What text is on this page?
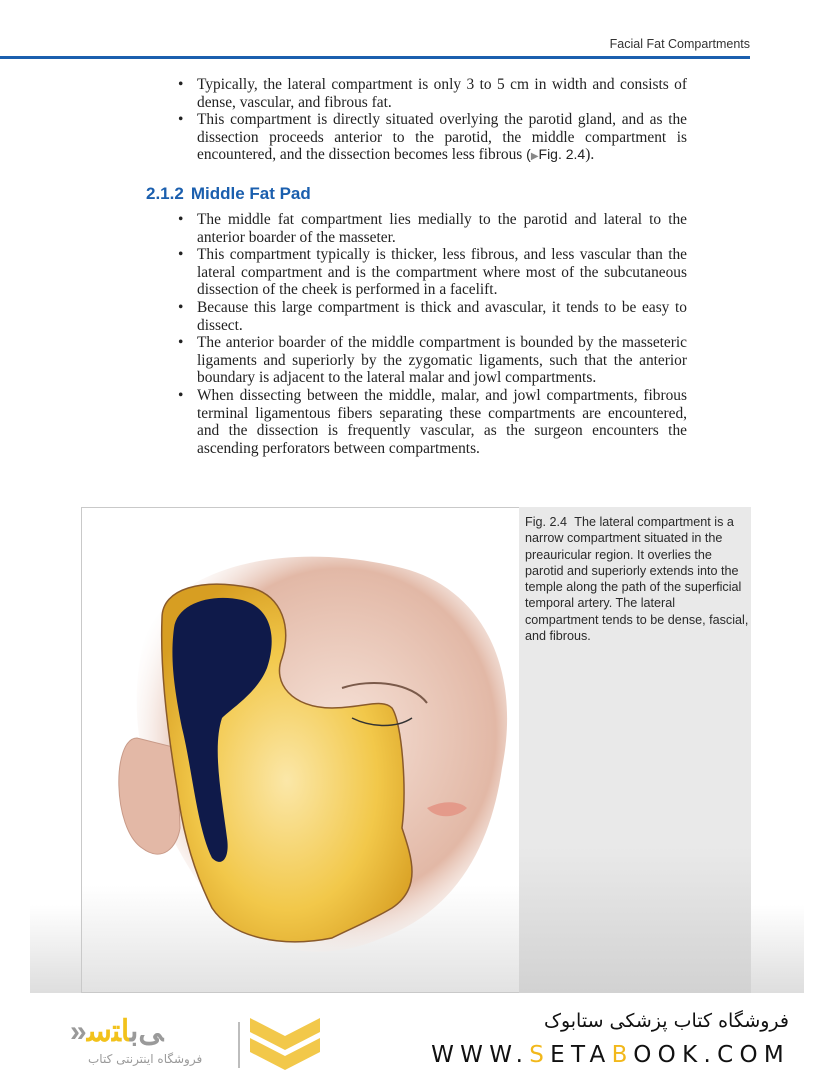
Facial Fat Compartments
• Typically, the lateral compartment is only 3 to 5 cm in width and consists of dense, vascular, and fibrous fat.
• This compartment is directly situated overlying the parotid gland, and as the dissection proceeds anterior to the parotid, the middle compartment is encountered, and the dissection becomes less fibrous (▶Fig. 2.4).
2.1.2 Middle Fat Pad
• The middle fat compartment lies medially to the parotid and lateral to the anterior boarder of the masseter.
• This compartment typically is thicker, less fibrous, and less vascular than the lateral compartment and is the compartment where most of the subcutaneous dissection of the cheek is performed in a facelift.
• Because this large compartment is thick and avascular, it tends to be easy to dissect.
• The anterior boarder of the middle compartment is bounded by the masseteric ligaments and superiorly by the zygomatic ligaments, such that the anterior boundary is adjacent to the lateral malar and jowl compartments.
• When dissecting between the middle, malar, and jowl compartments, fibrous terminal ligamentous fibers separating these compartments are encountered, and the dissection is frequently vascular, as the surgeon encounters the ascending perforators between compartments.
Fig. 2.4 The lateral compartment is a narrow compartment situated in the preauricular region. It overlies the parotid and superiorly extends into the temple along the path of the superficial temporal artery. The lateral compartment tends to be dense, fascial, and fibrous.
»ﻰﺑﺎﺘﺳ
فروشگاه اینترنتی کتاب
فروشگاه کتاب پزشکی ستابوک
WWW.SETABOOK.COM
